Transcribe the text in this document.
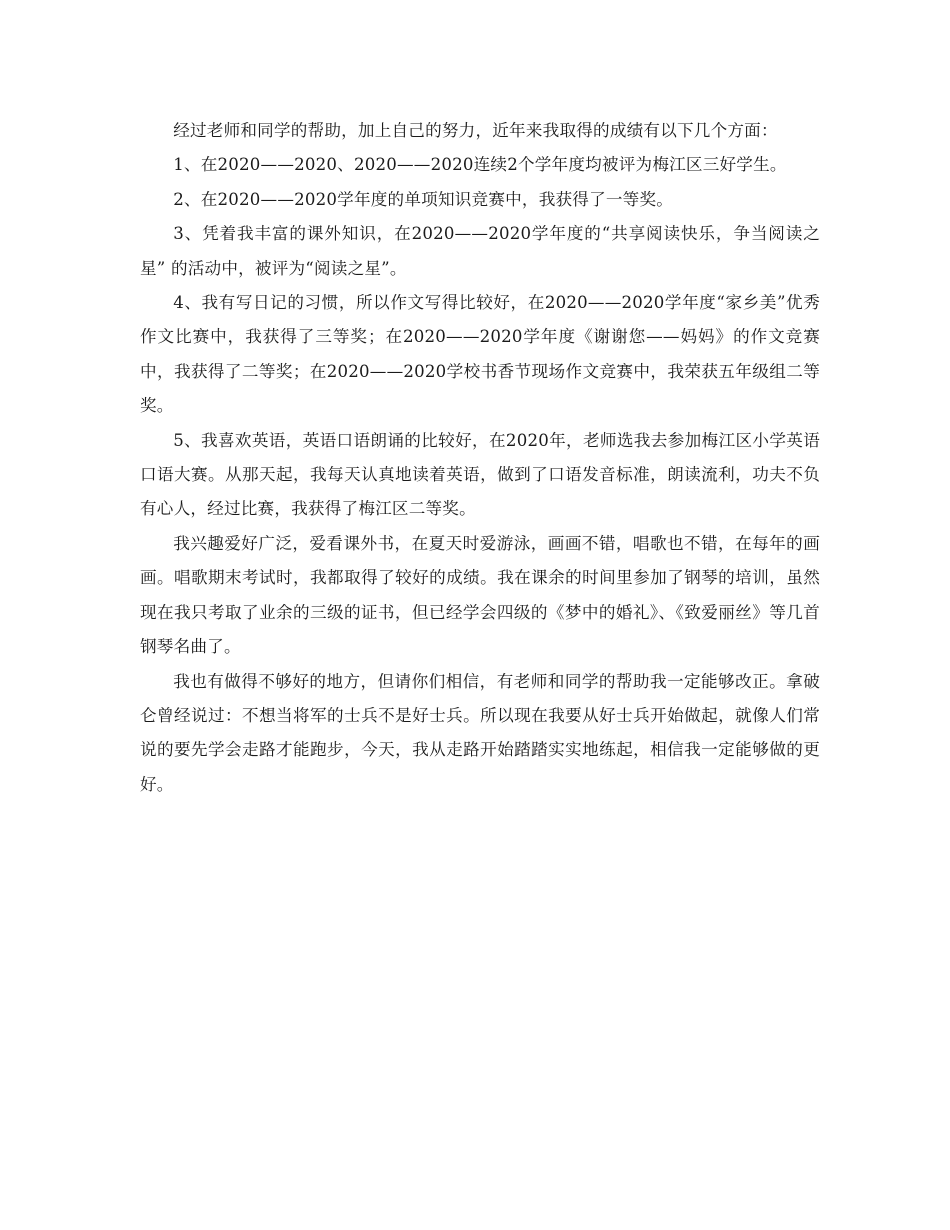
经过老师和同学的帮助，加上自己的努力，近年来我取得的成绩有以下几个方面：

1、在2020——2020、2020——2020连续2个学年度均被评为梅江区三好学生。

2、在2020——2020学年度的单项知识竞赛中，我获得了一等奖。

3、凭着我丰富的课外知识，在2020——2020学年度的“共享阅读快乐，争当阅读之星” 的活动中，被评为“阅读之星”。

4、我有写日记的习惯，所以作文写得比较好，在2020——2020学年度“家乡美”优秀作文比赛中，我获得了三等奖；在2020——2020学年度《谢谢您——妈妈》的作文竞赛中，我获得了二等奖；在2020——2020学校书香节现场作文竞赛中，我荣获五年级组二等奖。

5、我喜欢英语，英语口语朗诵的比较好，在2020年，老师选我去参加梅江区小学英语口语大赛。从那天起，我每天认真地读着英语，做到了口语发音标准，朗读流利，功夫不负有心人，经过比赛，我获得了梅江区二等奖。

我兴趣爱好广泛，爱看课外书，在夏天时爱游泳，画画不错，唱歌也不错，在每年的画画。唱歌期末考试时，我都取得了较好的成绩。我在课余的时间里参加了钢琴的培训，虽然现在我只考取了业余的三级的证书，但已经学会四级的《梦中的婚礼》、《致爱丽丝》等几首钢琴名曲了。

我也有做得不够好的地方，但请你们相信，有老师和同学的帮助我一定能够改正。拿破仑曾经说过：不想当将军的士兵不是好士兵。所以现在我要从好士兵开始做起，就像人们常说的要先学会走路才能跑步，今天，我从走路开始踏踏实实地练起，相信我一定能够做的更好。
